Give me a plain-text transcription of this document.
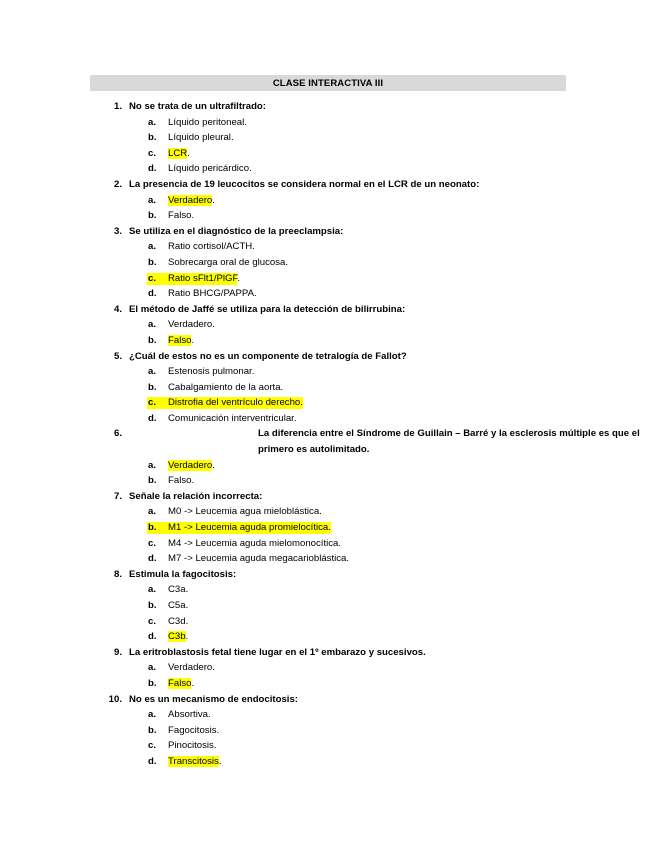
CLASE INTERACTIVA III
1. No se trata de un ultrafiltrado:
a.	Líquido peritoneal.
b.	Líquido pleural.
c.	LCR.
d.	Líquido pericárdico.
2. La presencia de 19 leucocitos se considera normal en el LCR de un neonato:
a.	Verdadero.
b.	Falso.
3. Se utiliza en el diagnóstico de la preeclampsia:
a.	Ratio cortisol/ACTH.
b.	Sobrecarga oral de glucosa.
c.	Ratio sFlt1/PlGF.
d.	Ratio BHCG/PAPPA.
4. El método de Jaffé se utiliza para la detección de bilirrubina:
a.	Verdadero.
b.	Falso.
5. ¿Cuál de estos no es un componente de tetralogía de Fallot?
a.	Estenosis pulmonar.
b.	Cabalgamiento de la aorta.
c.	Distrofia del ventrículo derecho.
d.	Comunicación interventricular.
6.	La diferencia entre el Síndrome de Guillain – Barré y la esclerosis múltiple es que el primero es autolimitado.
a.	Verdadero.
b.	Falso.
7. Señale la relación incorrecta:
a.	M0 -> Leucemia agua mieloblástica.
b.	M1 -> Leucemia aguda promielocítica.
c.	M4 -> Leucemia aguda mielomonocítica.
d.	M7 -> Leucemia aguda megacarioblástica.
8. Estimula la fagocitosis:
a.	C3a.
b.	C5a.
c.	C3d.
d.	C3b.
9. La eritroblastosis fetal tiene lugar en el 1º embarazo y sucesivos.
a.	Verdadero.
b.	Falso.
10. No es un mecanismo de endocitosis:
a.	Absortiva.
b.	Fagocitosis.
c.	Pinocitosis.
d.	Transcitosis.
